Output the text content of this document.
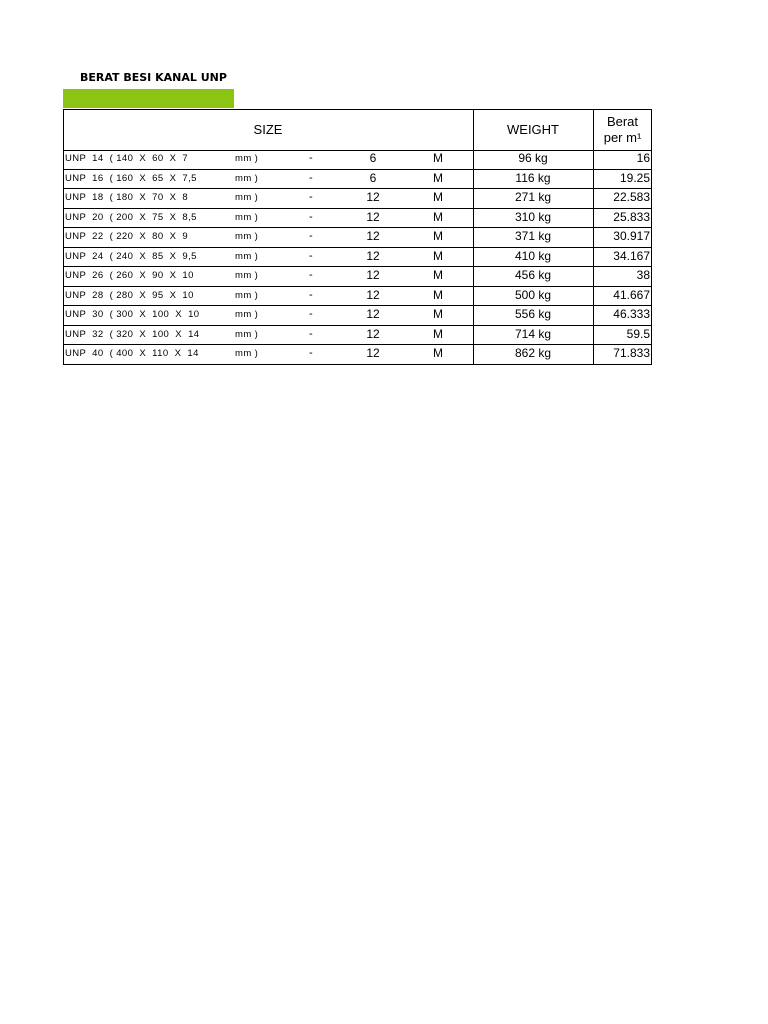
BERAT BESI KANAL UNP
SIZE	WEIGHT
Berat
per m¹
UNP  14  ( 140  X  60  X  7	mm )	-	6	M	96 kg	16
UNP  16  ( 160  X  65  X  7,5	mm )	-	6	M	116 kg	19.25
UNP  18  ( 180  X  70  X  8	mm )	-	12	M	271 kg	22.583
UNP  20  ( 200  X  75  X  8,5	mm )	-	12	M	310 kg	25.833
UNP  22  ( 220  X  80  X  9	mm )	-	12	M	371 kg	30.917
UNP  24  ( 240  X  85  X  9,5	mm )	-	12	M	410 kg	34.167
UNP  26  ( 260  X  90  X  10	mm )	-	12	M	456 kg	38
UNP  28  ( 280  X  95  X  10	mm )	-	12	M	500 kg	41.667
UNP  30  ( 300  X  100  X  10	mm )	-	12	M	556 kg	46.333
UNP  32  ( 320  X  100  X  14	mm )	-	12	M	714 kg	59.5
UNP  40  ( 400  X  110  X  14	mm )	-	12	M	862 kg	71.833
